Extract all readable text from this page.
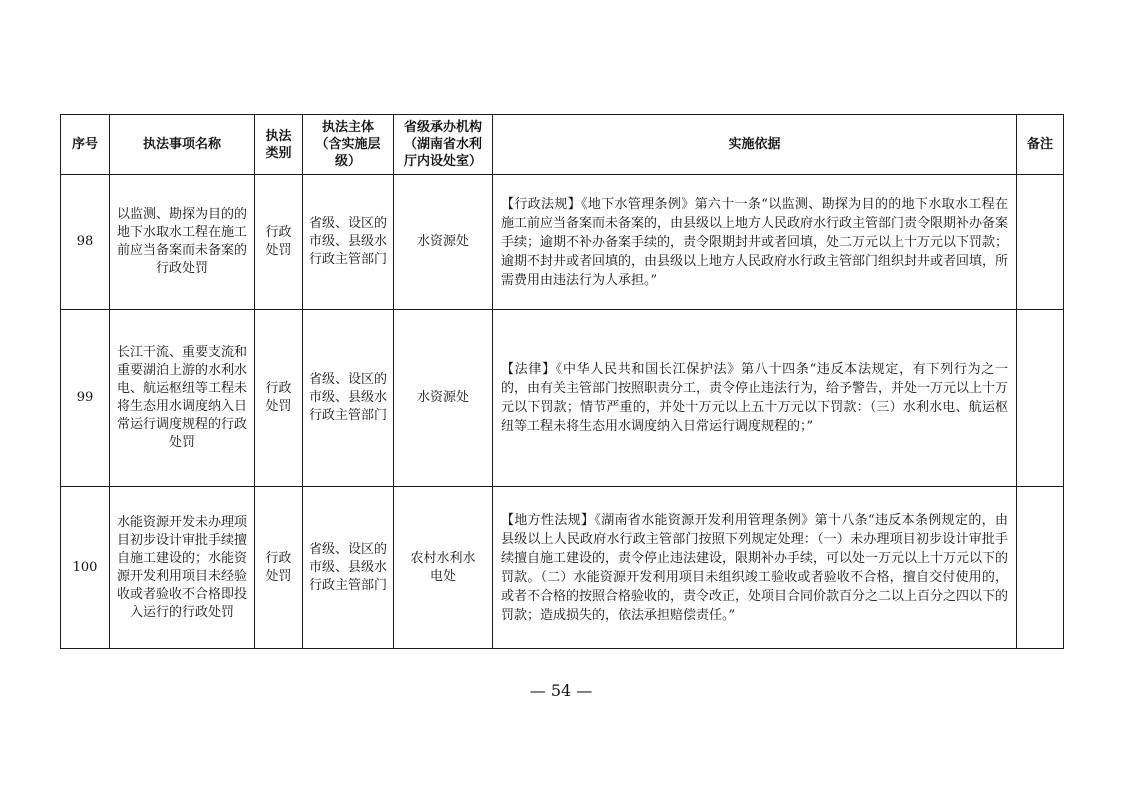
序号	执法事项名称	执法类别	执法主体（含实施层级）	省级承办机构（湖南省水利厅内设处室）	实施依据	备注
98	以监测、勘探为目的的地下水取水工程在施工前应当备案而未备案的行政处罚	行政处罚	省级、设区的市级、县级水行政主管部门	水资源处	【行政法规】《地下水管理条例》第六十一条“以监测、勘探为目的的地下水取水工程在施工前应当备案而未备案的，由县级以上地方人民政府水行政主管部门责令限期补办备案手续；逾期不补办备案手续的，责令限期封井或者回填，处二万元以上十万元以下罚款；逾期不封井或者回填的，由县级以上地方人民政府水行政主管部门组织封井或者回填，所需费用由违法行为人承担。”	
99	长江干流、重要支流和重要湖泊上游的水利水电、航运枢纽等工程未将生态用水调度纳入日常运行调度规程的行政处罚	行政处罚	省级、设区的市级、县级水行政主管部门	水资源处	【法律】《中华人民共和国长江保护法》第八十四条“违反本法规定，有下列行为之一的，由有关主管部门按照职责分工，责令停止违法行为，给予警告，并处一万元以上十万元以下罚款；情节严重的，并处十万元以上五十万元以下罚款：（三）水利水电、航运枢纽等工程未将生态用水调度纳入日常运行调度规程的；”	
100	水能资源开发未办理项目初步设计审批手续擅自施工建设的；水能资源开发利用项目未经验收或者验收不合格即投入运行的行政处罚	行政处罚	省级、设区的市级、县级水行政主管部门	农村水利水电处	【地方性法规】《湖南省水能资源开发利用管理条例》第十八条“违反本条例规定的，由县级以上人民政府水行政主管部门按照下列规定处理：（一）未办理项目初步设计审批手续擅自施工建设的，责令停止违法建设，限期补办手续，可以处一万元以上十万元以下的罚款。（二）水能资源开发利用项目未组织竣工验收或者验收不合格，擅自交付使用的，或者不合格的按照合格验收的，责令改正，处项目合同价款百分之二以上百分之四以下的罚款；造成损失的，依法承担赔偿责任。”	
— 54 —
